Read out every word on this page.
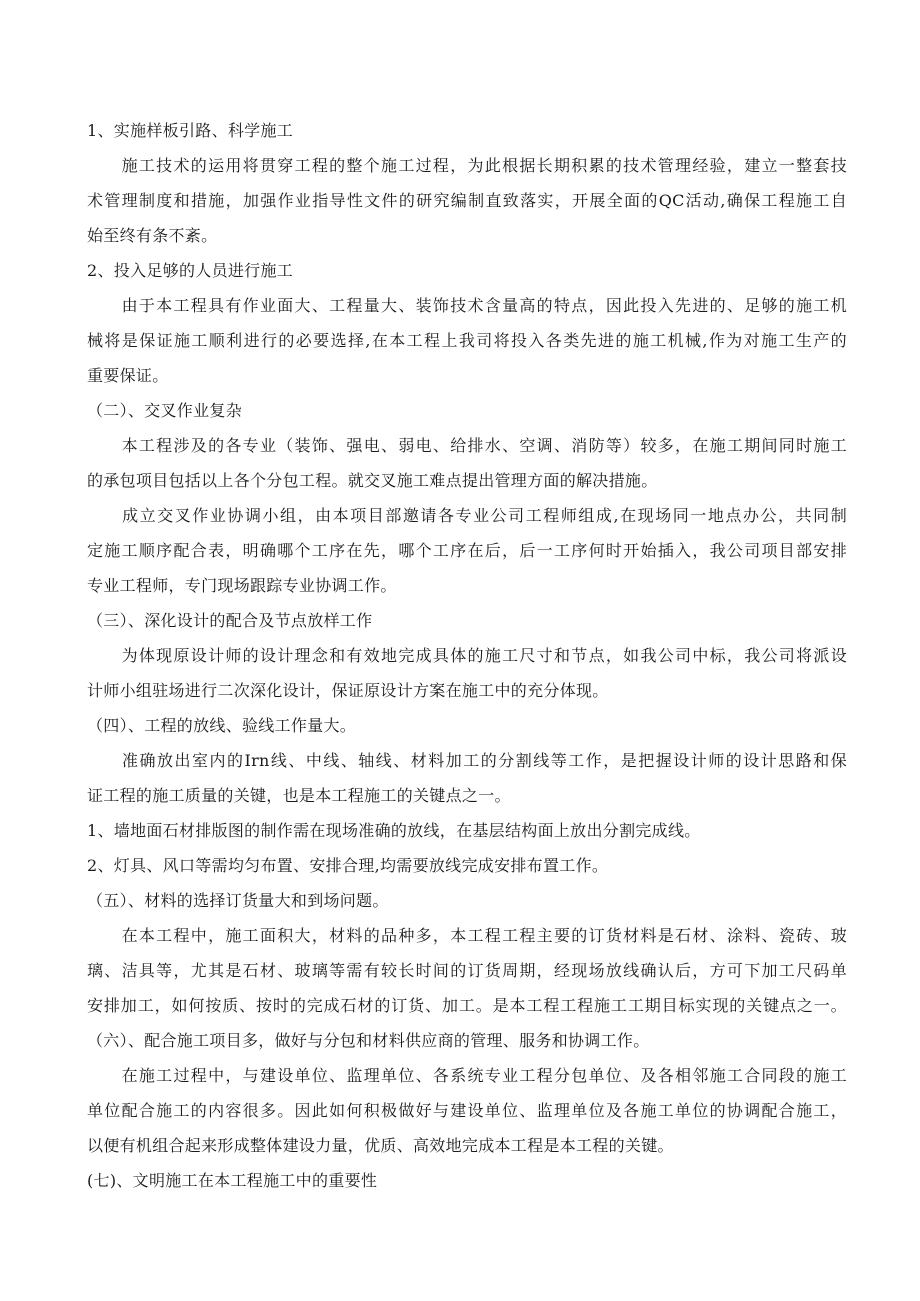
1、实施样板引路、科学施工
　　施工技术的运用将贯穿工程的整个施工过程，为此根据长期积累的技术管理经验，建立一整套技
术管理制度和措施，加强作业指导性文件的研究编制直致落实，开展全面的QC活动,确保工程施工自
始至终有条不紊。
2、投入足够的人员进行施工
　　由于本工程具有作业面大、工程量大、装饰技术含量高的特点，因此投入先进的、足够的施工机
械将是保证施工顺利进行的必要选择,在本工程上我司将投入各类先进的施工机械,作为对施工生产的
重要保证。
（二）、交叉作业复杂
　　本工程涉及的各专业（装饰、强电、弱电、给排水、空调、消防等）较多，在施工期间同时施工
的承包项目包括以上各个分包工程。就交叉施工难点提出管理方面的解决措施。
　　成立交叉作业协调小组，由本项目部邀请各专业公司工程师组成,在现场同一地点办公，共同制
定施工顺序配合表，明确哪个工序在先，哪个工序在后，后一工序何时开始插入，我公司项目部安排
专业工程师，专门现场跟踪专业协调工作。
（三）、深化设计的配合及节点放样工作
　　为体现原设计师的设计理念和有效地完成具体的施工尺寸和节点，如我公司中标，我公司将派设
计师小组驻场进行二次深化设计，保证原设计方案在施工中的充分体现。
（四）、工程的放线、验线工作量大。
　　准确放出室内的Irn线、中线、轴线、材料加工的分割线等工作，是把握设计师的设计思路和保
证工程的施工质量的关键，也是本工程施工的关键点之一。
1、墙地面石材排版图的制作需在现场准确的放线，在基层结构面上放出分割完成线。
2、灯具、风口等需均匀布置、安排合理,均需要放线完成安排布置工作。
（五）、材料的选择订货量大和到场问题。
　　在本工程中，施工面积大，材料的品种多，本工程工程主要的订货材料是石材、涂料、瓷砖、玻
璃、洁具等，尤其是石材、玻璃等需有较长时间的订货周期，经现场放线确认后，方可下加工尺码单
安排加工，如何按质、按时的完成石材的订货、加工。是本工程工程施工工期目标实现的关键点之一。
（六）、配合施工项目多，做好与分包和材料供应商的管理、服务和协调工作。
　　在施工过程中，与建设单位、监理单位、各系统专业工程分包单位、及各相邻施工合同段的施工
单位配合施工的内容很多。因此如何积极做好与建设单位、监理单位及各施工单位的协调配合施工，
以便有机组合起来形成整体建设力量，优质、高效地完成本工程是本工程的关键。
(七)、文明施工在本工程施工中的重要性
